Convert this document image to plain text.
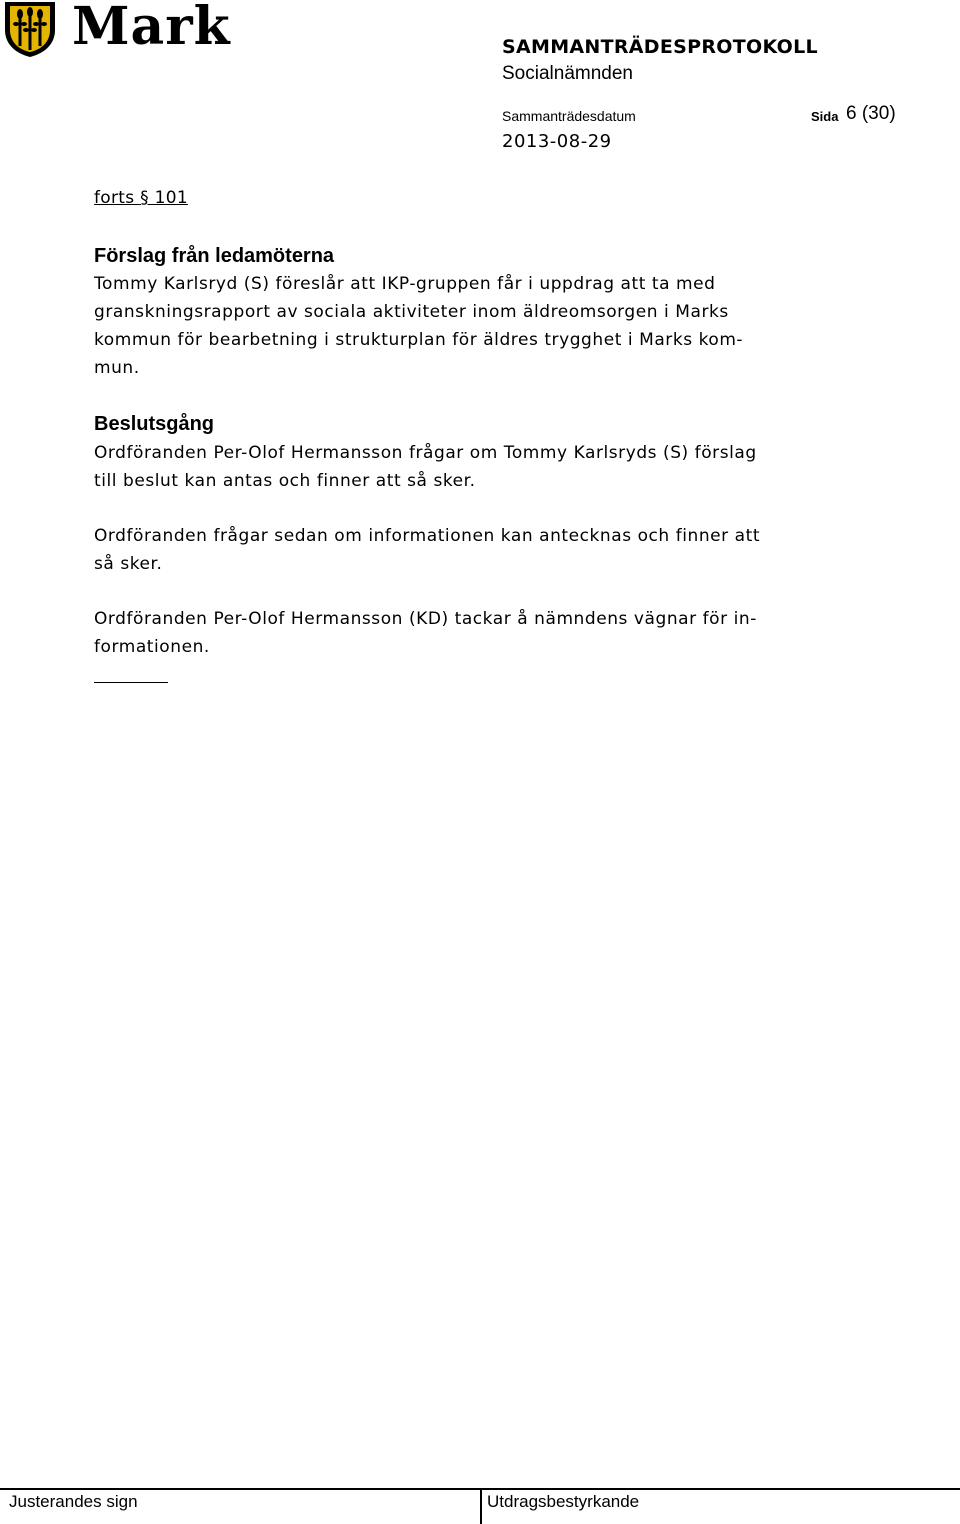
Mark	SAMMANTRÄDESPROTOKOLL
Socialnämnden
Sammanträdesdatum	Sida 6 (30)
2013-08-29
forts § 101
Förslag från ledamöterna
Tommy Karlsryd (S) föreslår att IKP-gruppen får i uppdrag att ta med
granskningsrapport av sociala aktiviteter inom äldreomsorgen i Marks
kommun för bearbetning i strukturplan för äldres trygghet i Marks kom-
mun.
Beslutsgång
Ordföranden Per-Olof Hermansson frågar om Tommy Karlsryds (S) förslag
till beslut kan antas och finner att så sker.
Ordföranden frågar sedan om informationen kan antecknas och finner att
så sker.
Ordföranden Per-Olof Hermansson (KD) tackar å nämndens vägnar för in-
formationen.
Justerandes sign	Utdragsbestyrkande
